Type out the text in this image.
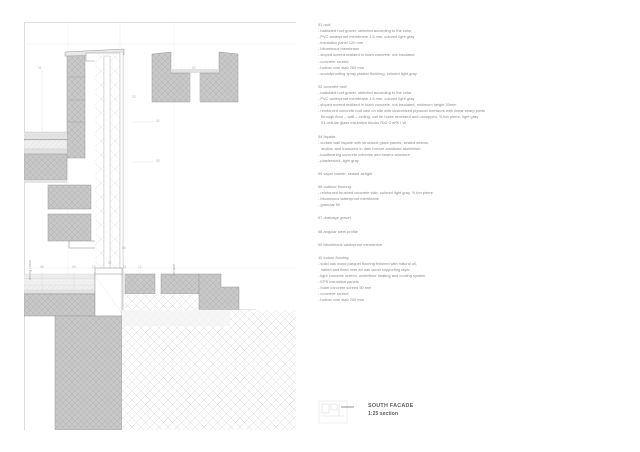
dining room	terrace
01	02
03
04
05
06
07
08	09	10	11	12
01 roof:
- ballasted roof gravel, selected according to the color
- PVC waterproof membrane 1.5 mm, colored light gray
- insulation panel 120 mm
- bituminous membrane
- sloped screed realized in foam concrete, not insulated
- concrete screed
- hollow core slab 260 mm
- soundproofing spray plaster finishing, colored light gray
02 concrete roof:
- ballasted roof gravel, selected according to the color
- PVC waterproof membrane 1.5 mm, colored light gray
- sloped screed realized in foam concrete, not insulated, minimum height 30mm
- reinforced concrete roof cast on site with customized plywood formwork with linear sharp joints
through floor – wall – ceiling, coil tie holes recessed and uncapped, ⅝ ton pierre, light gray
03 cellular glass insulation blocks R≥2.0 m²K / W
04 façade:
- curtain wall façade with structural glass panels, sealed seams,
mullion and transoms in dark bronze anodized aluminium
- loadbearing concrete columns and beams structure
- plasterwork, light gray
05 vapor barrier, sealed airtight
06 outdoor flooring:
- reinforced brushed concrete slab, colored light gray, ⅝ ton pierre
- bituminous waterproof membrane
- granular fill
07 drainage gravel
08 angular steel profile
09 bituminous waterproof membrane
10 indoor flooring:
- solid oak wood parquet flooring finished with natural oil,
nailed and fixed over an oak wood supporting layer
- light concrete screed, underfloor heating and cooling system
- EPS insulation panels
- foam concrete screed 50 mm
- concrete screed
- hollow core slab 200 mm
SOUTH FACADE
1:25 section
